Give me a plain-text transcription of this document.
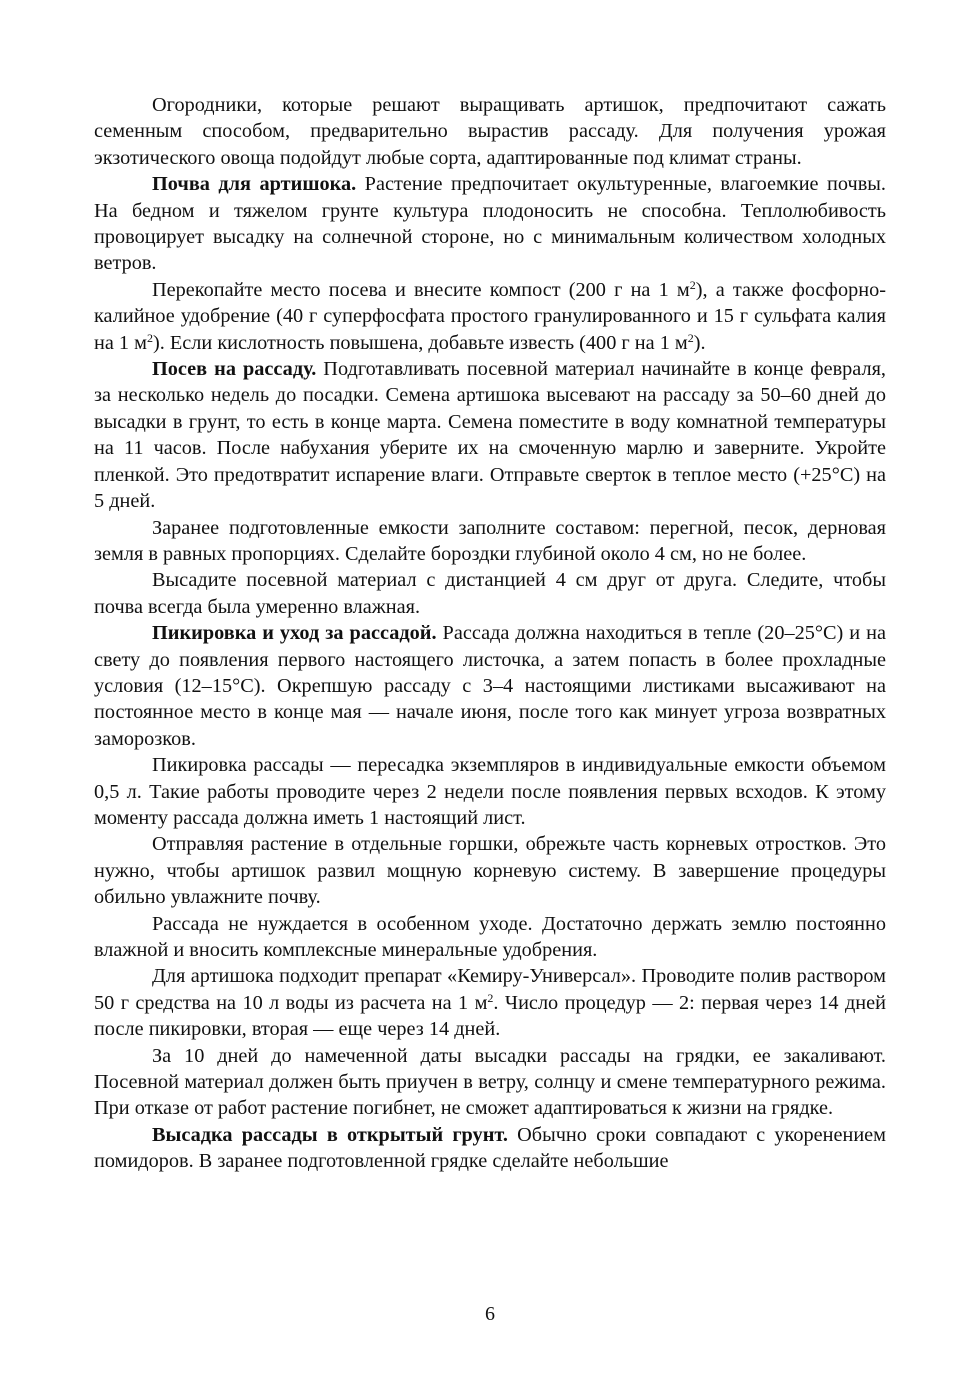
Огородники, которые решают выращивать артишок, предпочитают сажать семенным способом, предварительно вырастив рассаду. Для получения урожая экзотического овоща подойдут любые сорта, адаптированные под климат страны.

Почва для артишока. Растение предпочитает окультуренные, влагоемкие почвы. На бедном и тяжелом грунте культура плодоносить не способна. Теплолюбивость провоцирует высадку на солнечной стороне, но с минимальным количеством холодных ветров.

Перекопайте место посева и внесите компост (200 г на 1 $м^2$), а также фосфорно-калийное удобрение (40 г суперфосфата простого гранулированного и 15 г сульфата калия на 1 $м^2$). Если кислотность повышена, добавьте известь (400 г на 1 $м^2$).

Посев на рассаду. Подготавливать посевной материал начинайте в конце февраля, за несколько недель до посадки. Семена артишока высевают на рассаду за 50–60 дней до высадки в грунт, то есть в конце марта. Семена поместите в воду комнатной температуры на 11 часов. После набухания уберите их на смоченную марлю и заверните. Укройте пленкой. Это предотвратит испарение влаги. Отправьте сверток в теплое место (+25°С) на 5 дней.

Заранее подготовленные емкости заполните составом: перегной, песок, дерновая земля в равных пропорциях. Сделайте бороздки глубиной около 4 см, но не более.

Высадите посевной материал с дистанцией 4 см друг от друга. Следите, чтобы почва всегда была умеренно влажная.

Пикировка и уход за рассадой. Рассада должна находиться в тепле (20–25°С) и на свету до появления первого настоящего листочка, а затем попасть в более прохладные условия (12–15°С). Окрепшую рассаду с 3–4 настоящими листиками высаживают на постоянное место в конце мая — начале июня, после того как минует угроза возвратных заморозков.

Пикировка рассады — пересадка экземпляров в индивидуальные емкости объемом 0,5 л. Такие работы проводите через 2 недели после появления первых всходов. К этому моменту рассада должна иметь 1 настоящий лист.

Отправляя растение в отдельные горшки, обрежьте часть корневых отростков. Это нужно, чтобы артишок развил мощную корневую систему. В завершение процедуры обильно увлажните почву.

Рассада не нуждается в особенном уходе. Достаточно держать землю постоянно влажной и вносить комплексные минеральные удобрения.

Для артишока подходит препарат «Кемиру-Универсал». Проводите полив раствором 50 г средства на 10 л воды из расчета на 1 $м^2$. Число процедур — 2: первая через 14 дней после пикировки, вторая — еще через 14 дней.

За 10 дней до намеченной даты высадки рассады на грядки, ее закаливают. Посевной материал должен быть приучен в ветру, солнцу и смене температурного режима. При отказе от работ растение погибнет, не сможет адаптироваться к жизни на грядке.

Высадка рассады в открытый грунт. Обычно сроки совпадают с укоренением помидоров. В заранее подготовленной грядке сделайте небольшие

6
